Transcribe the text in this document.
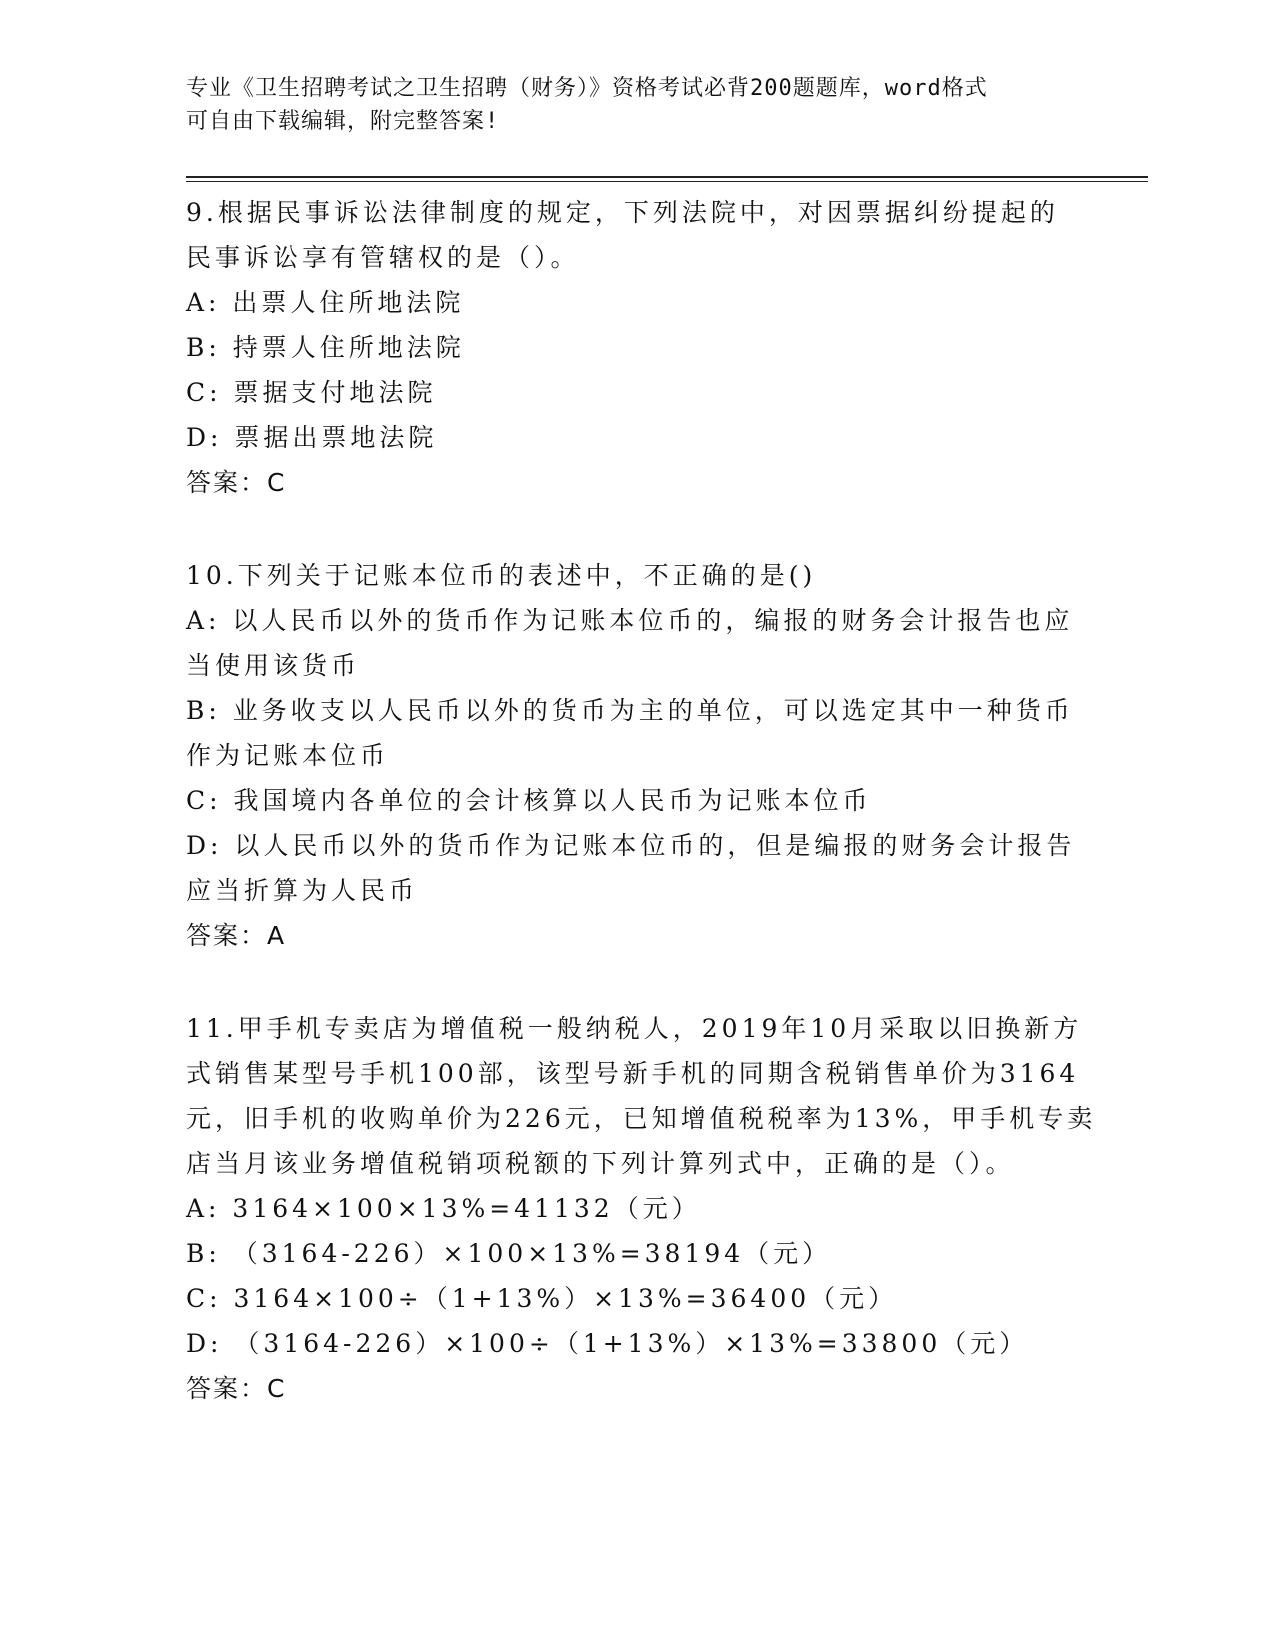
专业《卫生招聘考试之卫生招聘（财务）》资格考试必背200题题库，word格式
可自由下载编辑，附完整答案!
9.根据民事诉讼法律制度的规定，下列法院中，对因票据纠纷提起的
民事诉讼享有管辖权的是（）。
A: 出票人住所地法院
B: 持票人住所地法院
C: 票据支付地法院
D: 票据出票地法院
答案：C
10.下列关于记账本位币的表述中，不正确的是()
A: 以人民币以外的货币作为记账本位币的，编报的财务会计报告也应
当使用该货币
B: 业务收支以人民币以外的货币为主的单位，可以选定其中一种货币
作为记账本位币
C: 我国境内各单位的会计核算以人民币为记账本位币
D: 以人民币以外的货币作为记账本位币的，但是编报的财务会计报告
应当折算为人民币
答案：A
11.甲手机专卖店为增值税一般纳税人，2019年10月采取以旧换新方
式销售某型号手机100部，该型号新手机的同期含税销售单价为3164
元，旧手机的收购单价为226元，已知增值税税率为13%，甲手机专卖
店当月该业务增值税销项税额的下列计算列式中，正确的是（）。
A: 3164×100×13%=41132（元）
B: （3164-226）×100×13%=38194（元）
C: 3164×100÷（1+13%）×13%=36400（元）
D: （3164-226）×100÷（1+13%）×13%=33800（元）
答案：C
